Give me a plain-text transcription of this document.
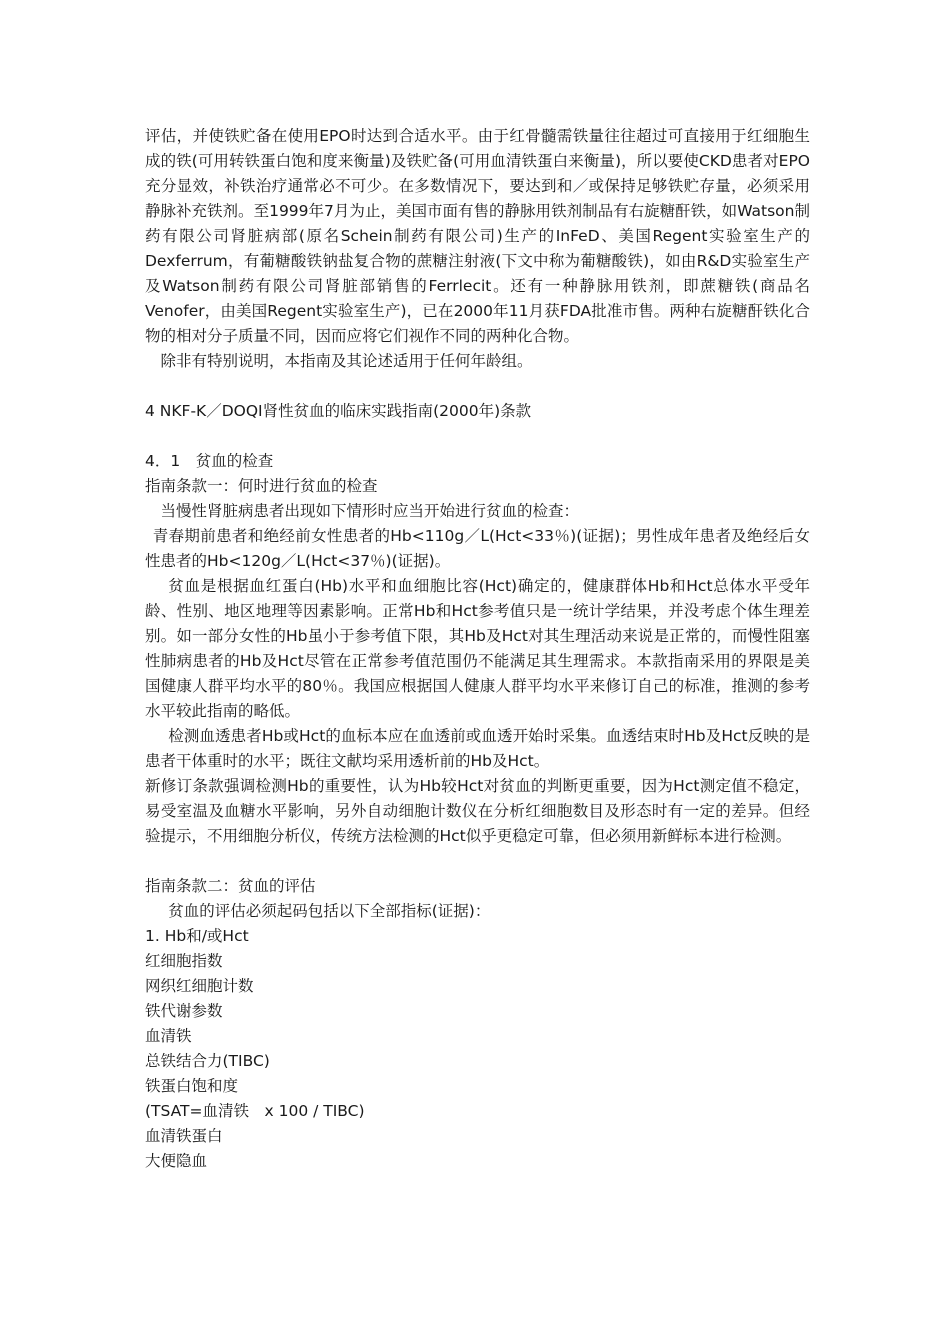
评估，并使铁贮备在使用EPO时达到合适水平。由于红骨髓需铁量往往超过可直接用于红细胞生成的铁(可用转铁蛋白饱和度来衡量)及铁贮备(可用血清铁蛋白来衡量)，所以要使CKD患者对EPO充分显效，补铁治疗通常必不可少。在多数情况下，要达到和／或保持足够铁贮存量，必须采用静脉补充铁剂。至1999年7月为止，美国市面有售的静脉用铁剂制品有右旋糖酐铁，如Watson制药有限公司肾脏病部(原名Schein制药有限公司)生产的InFeD、美国Regent实验室生产的Dexferrum，有葡糖酸铁钠盐复合物的蔗糖注射液(下文中称为葡糖酸铁)，如由R&D实验室生产及Watson制药有限公司肾脏部销售的Ferrlecit。还有一种静脉用铁剂，即蔗糖铁(商品名Venofer，由美国Regent实验室生产)，已在2000年11月获FDA批准市售。两种右旋糖酐铁化合物的相对分子质量不同，因而应将它们视作不同的两种化合物。

除非有特别说明，本指南及其论述适用于任何年龄组。

4 NKF-K／DOQI肾性贫血的临床实践指南(2000年)条款

4．1　贫血的检查

指南条款一：何时进行贫血的检查

当慢性肾脏病患者出现如下情形时应当开始进行贫血的检查：

青春期前患者和绝经前女性患者的Hb<110g／L(Hct<33％)(证据)；男性成年患者及绝经后女性患者的Hb<120g／L(Hct<37％)(证据)。

贫血是根据血红蛋白(Hb)水平和血细胞比容(Hct)确定的，健康群体Hb和Hct总体水平受年龄、性别、地区地理等因素影响。正常Hb和Hct参考值只是一统计学结果，并没考虑个体生理差别。如一部分女性的Hb虽小于参考值下限，其Hb及Hct对其生理活动来说是正常的，而慢性阻塞性肺病患者的Hb及Hct尽管在正常参考值范围仍不能满足其生理需求。本款指南采用的界限是美国健康人群平均水平的80％。我国应根据国人健康人群平均水平来修订自己的标准，推测的参考水平较此指南的略低。

检测血透患者Hb或Hct的血标本应在血透前或血透开始时采集。血透结束时Hb及Hct反映的是患者干体重时的水平；既往文献均采用透析前的Hb及Hct。

新修订条款强调检测Hb的重要性，认为Hb较Hct对贫血的判断更重要，因为Hct测定值不稳定，易受室温及血糖水平影响，另外自动细胞计数仪在分析红细胞数目及形态时有一定的差异。但经验提示，不用细胞分析仪，传统方法检测的Hct似乎更稳定可靠，但必须用新鲜标本进行检测。

指南条款二：贫血的评估

贫血的评估必须起码包括以下全部指标(证据)：

1. Hb和/或Hct

红细胞指数

网织红细胞计数

铁代谢参数

血清铁

总铁结合力(TIBC)

铁蛋白饱和度

(TSAT=血清铁　x 100 / TIBC)

血清铁蛋白

大便隐血
